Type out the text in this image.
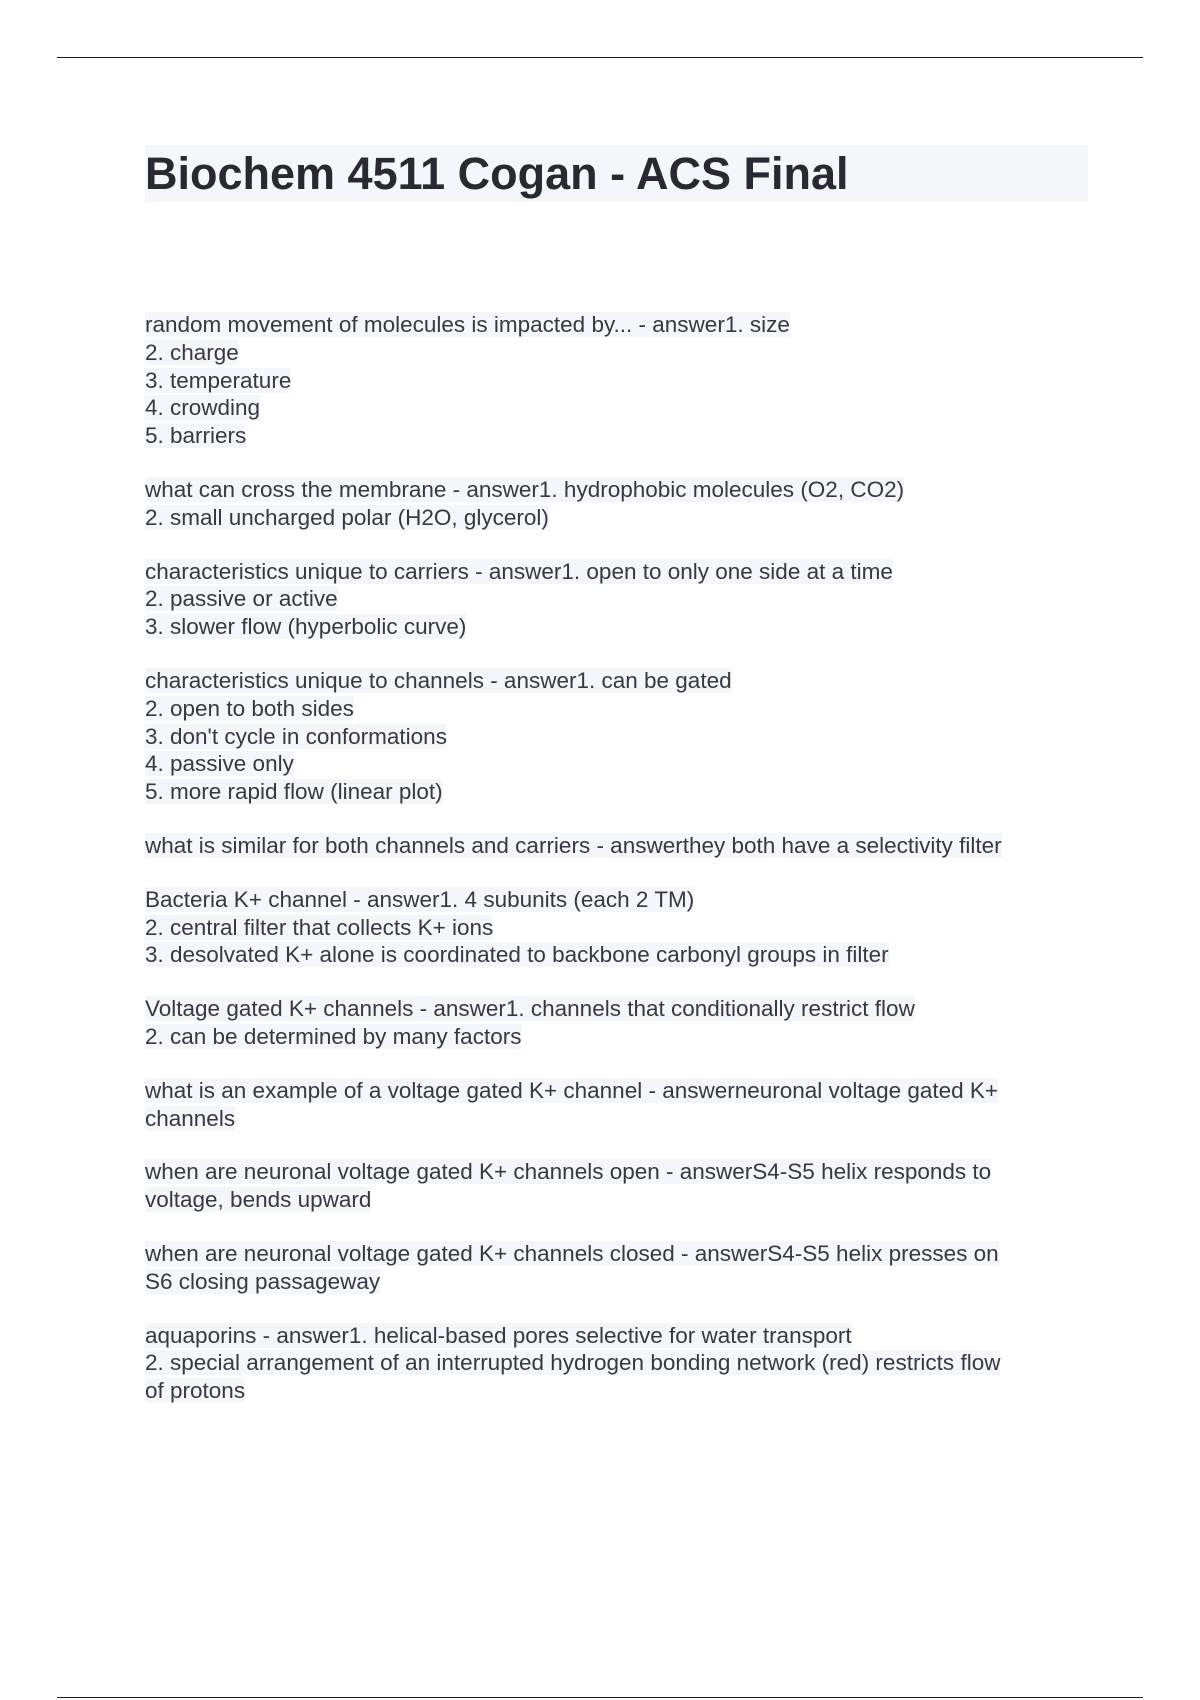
Biochem 4511 Cogan - ACS Final
random movement of molecules is impacted by... - answer1. size
2. charge
3. temperature
4. crowding
5. barriers
what can cross the membrane - answer1. hydrophobic molecules (O2, CO2)
2. small uncharged polar (H2O, glycerol)
characteristics unique to carriers - answer1. open to only one side at a time
2. passive or active
3. slower flow (hyperbolic curve)
characteristics unique to channels - answer1. can be gated
2. open to both sides
3. don't cycle in conformations
4. passive only
5. more rapid flow (linear plot)
what is similar for both channels and carriers - answerthey both have a selectivity filter
Bacteria K+ channel - answer1. 4 subunits (each 2 TM)
2. central filter that collects K+ ions
3. desolvated K+ alone is coordinated to backbone carbonyl groups in filter
Voltage gated K+ channels - answer1. channels that conditionally restrict flow
2. can be determined by many factors
what is an example of a voltage gated K+ channel - answerneuronal voltage gated K+
channels
when are neuronal voltage gated K+ channels open - answerS4-S5 helix responds to
voltage, bends upward
when are neuronal voltage gated K+ channels closed - answerS4-S5 helix presses on
S6 closing passageway
aquaporins - answer1. helical-based pores selective for water transport
2. special arrangement of an interrupted hydrogen bonding network (red) restricts flow
of protons
